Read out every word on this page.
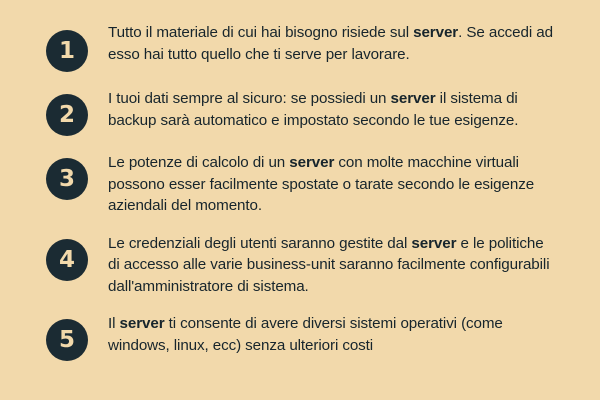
1
Tutto il materiale di cui hai bisogno risiede sul server. Se accedi ad esso hai tutto quello che ti serve per lavorare.
2
I tuoi dati sempre al sicuro: se possiedi un server il sistema di backup sarà automatico e impostato secondo le tue esigenze.
3
Le potenze di calcolo di un server con molte macchine virtuali possono esser facilmente spostate o tarate secondo le esigenze aziendali del momento.
4
Le credenziali degli utenti saranno gestite dal server e le politiche di accesso alle varie business-unit saranno facilmente configurabili dall'amministratore di sistema.
5
Il server ti consente di avere diversi sistemi operativi (come windows, linux, ecc) senza ulteriori costi
